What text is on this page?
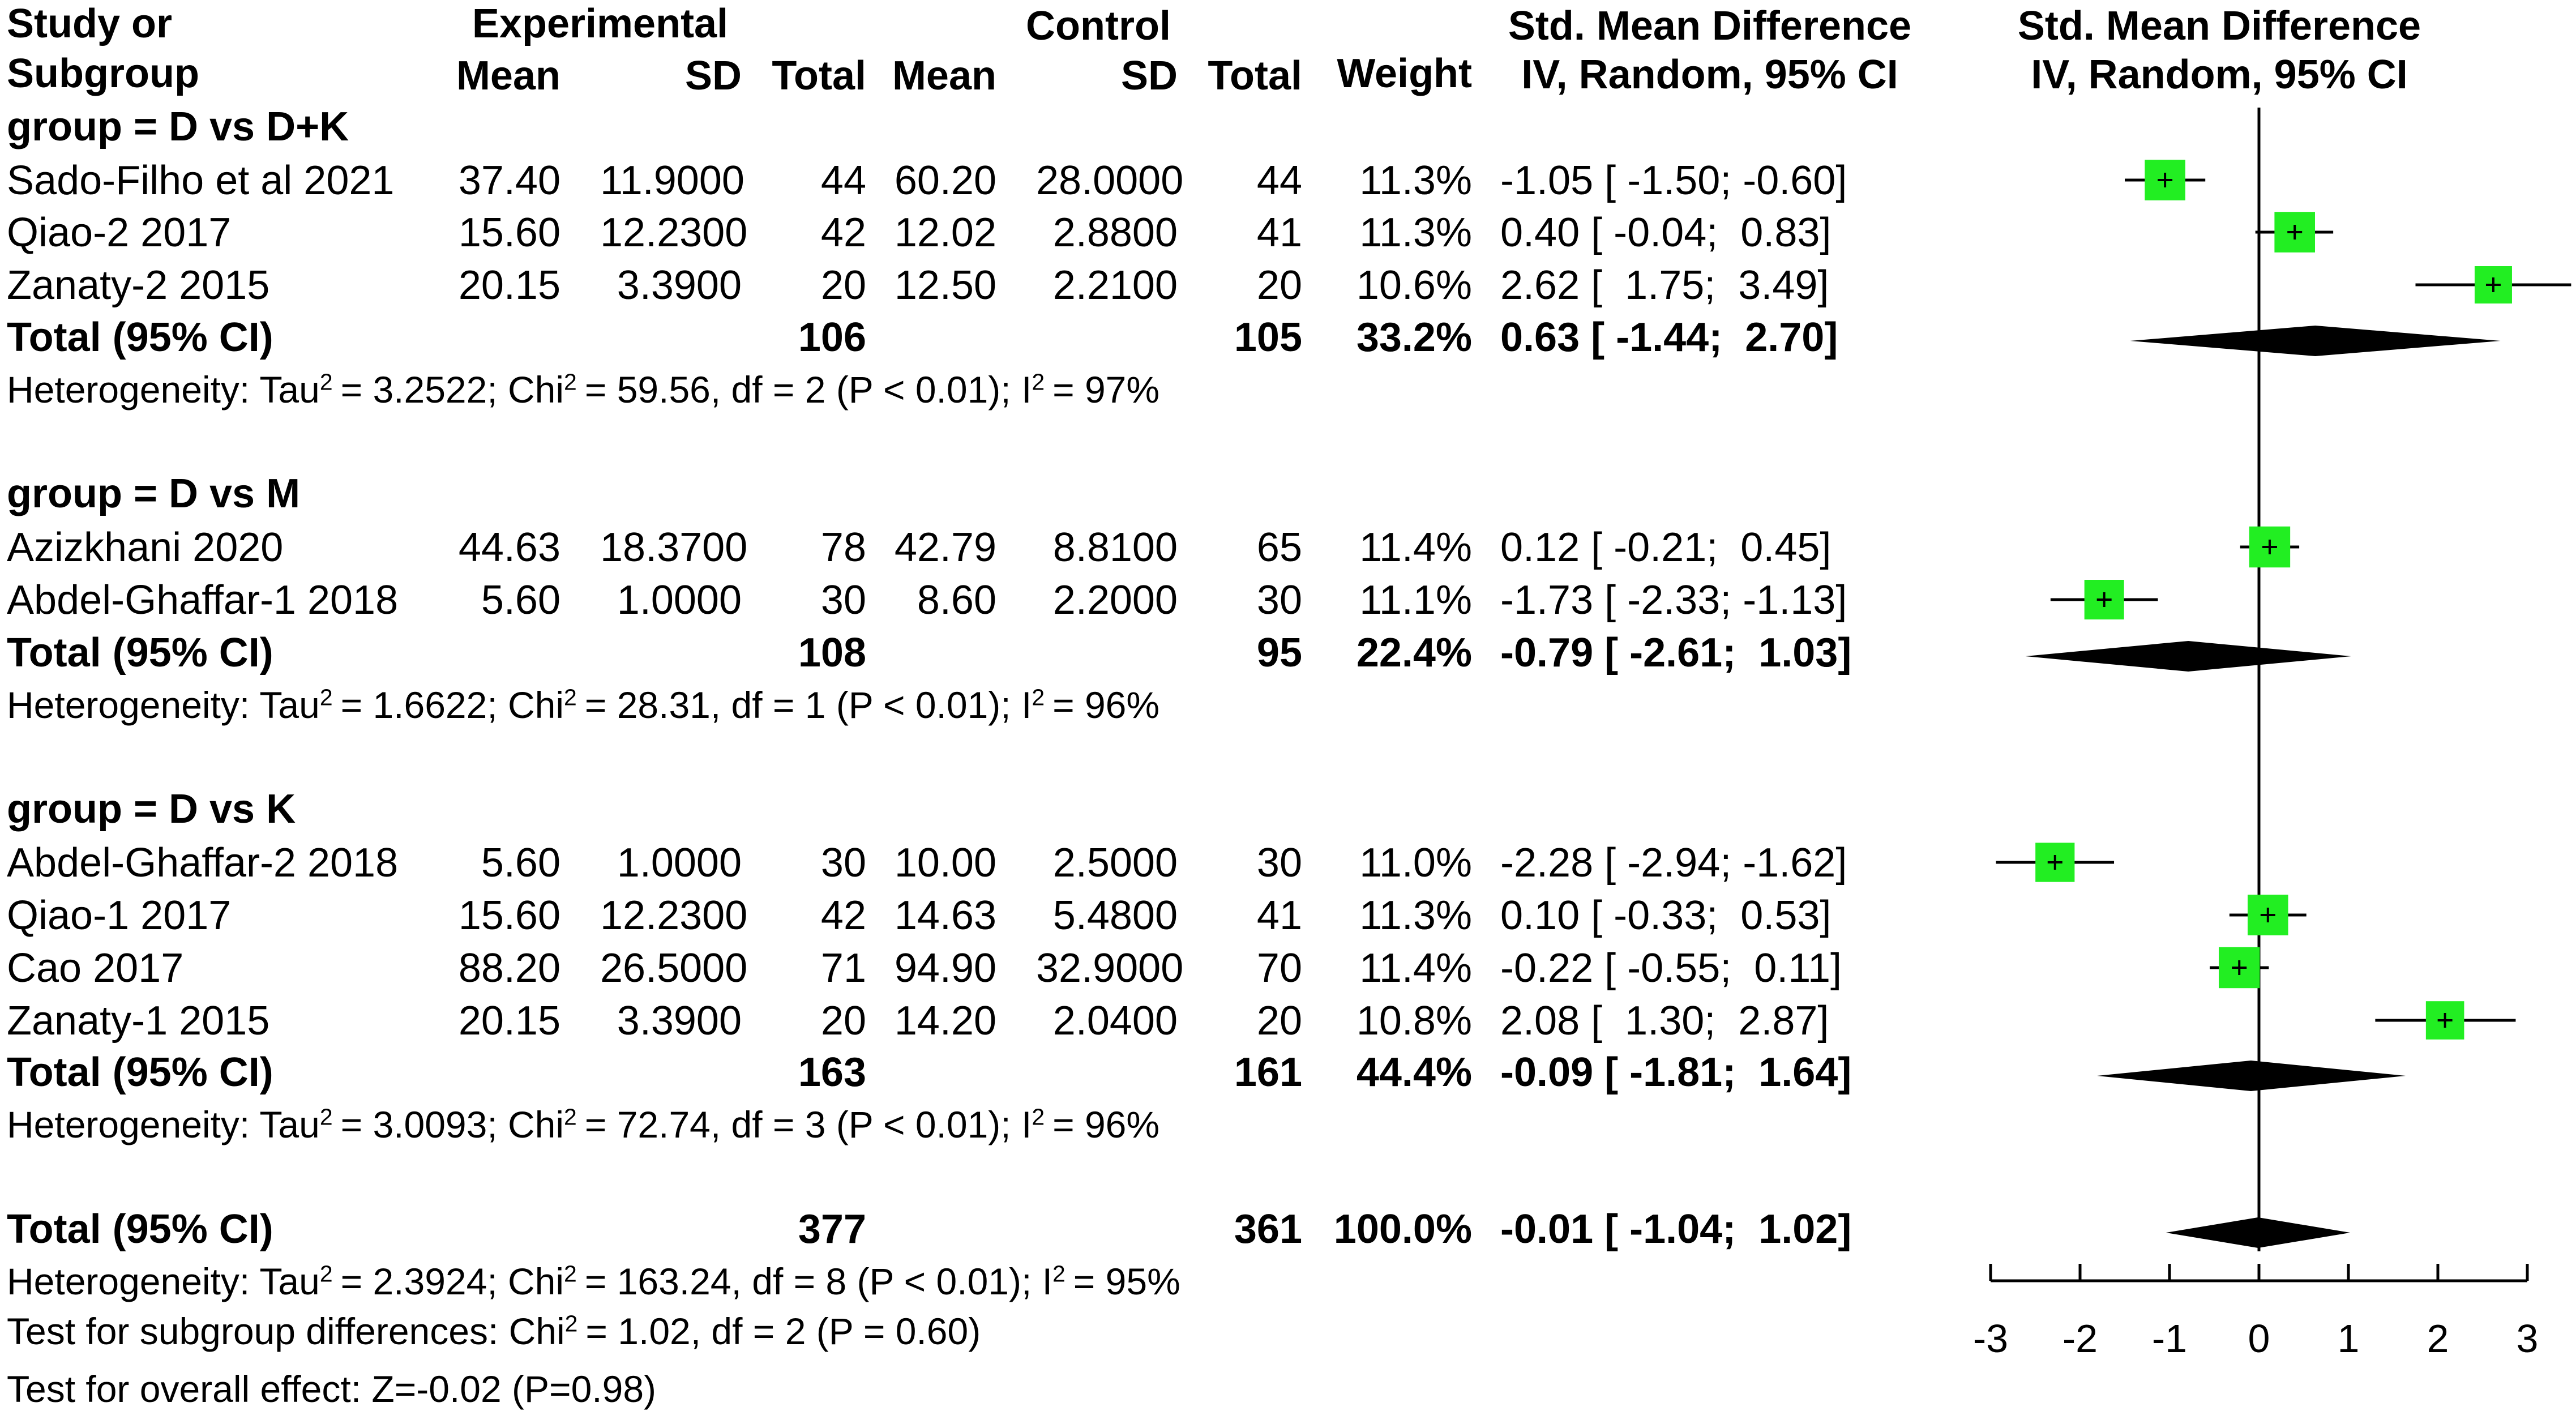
Study or
Subgroup
Experimental	Control
Mean	SD Total Mean	SD Total Weight
Std. Mean Difference
IV, Random, 95% CI
Std. Mean Difference
IV, Random, 95% CI
group = D vs D+K
Sado-Filho et al 2021	37.40 11.9000	44 60.20 28.0000	44	11.3% -1.05 [ -1.50; -0.60]
Qiao-2 2017	15.60 12.2300	42 12.02	2.8800	41	11.3% 0.40 [ -0.04;  0.83]
Zanaty-2 2015	20.15	3.3900	20 12.50	2.2100	20	10.6% 2.62 [  1.75;  3.49]
Total (95% CI)	106	105	33.2% 0.63 [ -1.44;  2.70]
Heterogeneity: Tau$^2$ = 3.2522; Chi$^2$ = 59.56, df = 2 (P < 0.01); $I^2 = 97\%$
group = D vs M
Azizkhani 2020	44.63 18.3700	78 42.79	8.8100	65	11.4% 0.12 [ -0.21;  0.45]
Abdel-Ghaffar-1 2018	5.60	1.0000	30	8.60	2.2000	30	11.1% -1.73 [ -2.33; -1.13]
Total (95% CI)	108	95	22.4% -0.79 [ -2.61;  1.03]
Heterogeneity: Tau$^2$ = 1.6622; Chi$^2$ = 28.31, df = 1 (P < 0.01); $I^2 = 96\%$
group = D vs K
Abdel-Ghaffar-2 2018	5.60	1.0000	30 10.00	2.5000	30	11.0% -2.28 [ -2.94; -1.62]
Qiao-1 2017	15.60 12.2300	42 14.63	5.4800	41	11.3% 0.10 [ -0.33;  0.53]
Cao 2017	88.20 26.5000	71 94.90 32.9000	70	11.4% -0.22 [ -0.55;  0.11]
Zanaty-1 2015	20.15	3.3900	20 14.20	2.0400	20	10.8% 2.08 [  1.30;  2.87]
Total (95% CI)	163	161	44.4% -0.09 [ -1.81;  1.64]
Heterogeneity: Tau$^2$ = 3.0093; Chi$^2$ = 72.74, df = 3 (P < 0.01); $I^2 = 96\%$
Total (95% CI)	377	361 100.0% -0.01 [ -1.04;  1.02]
Heterogeneity: Tau$^2$ = 2.3924; Chi$^2$ = 163.24, df = 8 (P < 0.01); $I^2 = 95\%$
Test for subgroup differences: Chi$^2$ = 1.02, df = 2 (P = 0.60)
Test for overall effect: Z=-0.02 (P=0.98)
-3 -2 -1 0 1 2 3
